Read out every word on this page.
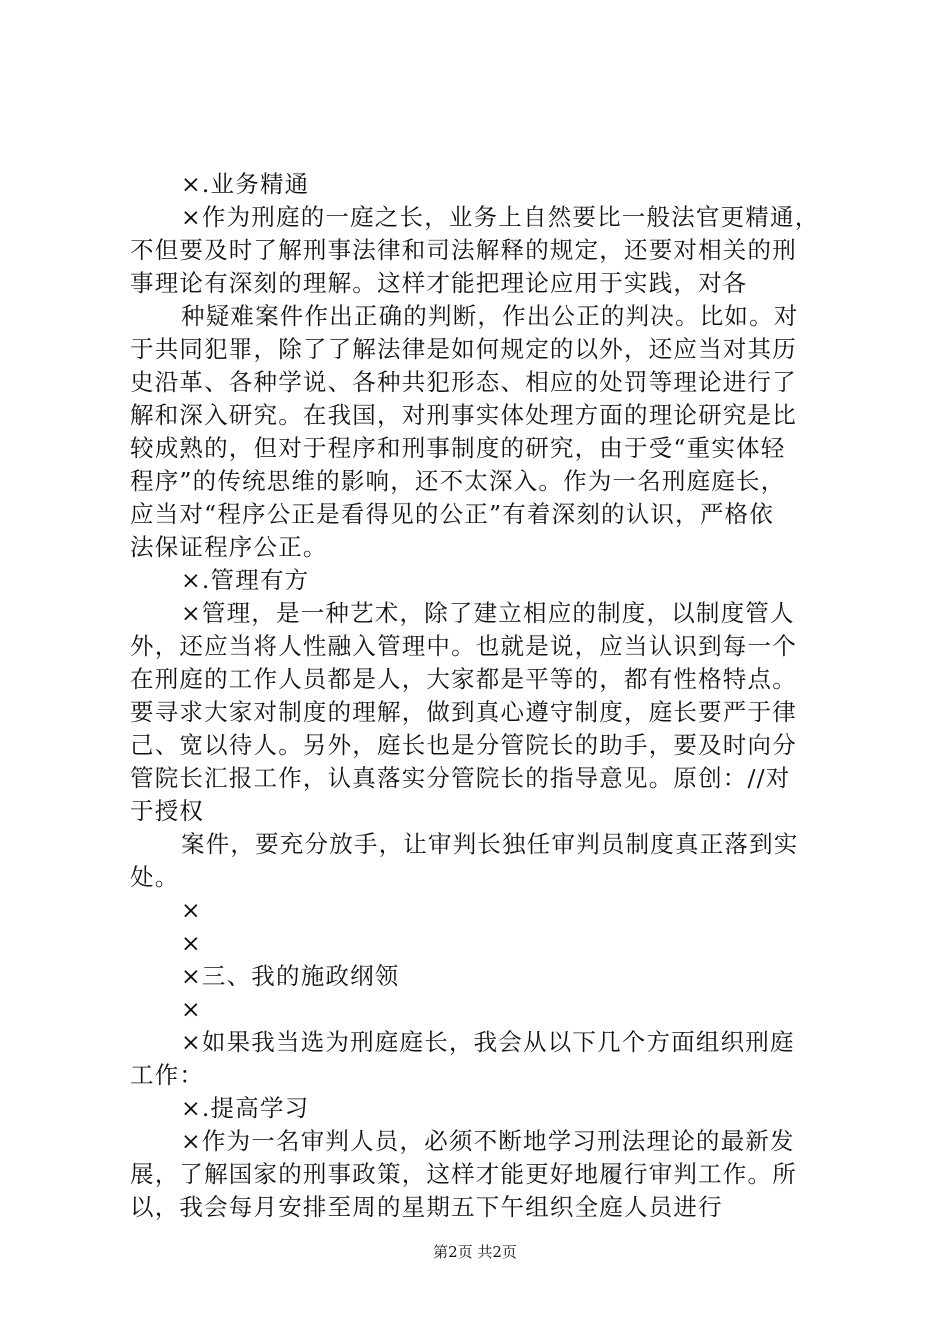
×.业务精通
×作为刑庭的一庭之长，业务上自然要比一般法官更精通，
不但要及时了解刑事法律和司法解释的规定，还要对相关的刑
事理论有深刻的理解。这样才能把理论应用于实践，对各
种疑难案件作出正确的判断，作出公正的判决。比如。对
于共同犯罪，除了了解法律是如何规定的以外，还应当对其历
史沿革、各种学说、各种共犯形态、相应的处罚等理论进行了
解和深入研究。在我国，对刑事实体处理方面的理论研究是比
较成熟的，但对于程序和刑事制度的研究，由于受“重实体轻
程序”的传统思维的影响，还不太深入。作为一名刑庭庭长，
应当对“程序公正是看得见的公正”有着深刻的认识，严格依
法保证程序公正。
×.管理有方
×管理，是一种艺术，除了建立相应的制度，以制度管人
外，还应当将人性融入管理中。也就是说，应当认识到每一个
在刑庭的工作人员都是人，大家都是平等的，都有性格特点。
要寻求大家对制度的理解，做到真心遵守制度，庭长要严于律
己、宽以待人。另外，庭长也是分管院长的助手，要及时向分
管院长汇报工作，认真落实分管院长的指导意见。原创：//对
于授权
案件，要充分放手，让审判长独任审判员制度真正落到实
处。
×
×
×三、我的施政纲领
×
×如果我当选为刑庭庭长，我会从以下几个方面组织刑庭
工作：
×.提高学习
×作为一名审判人员，必须不断地学习刑法理论的最新发
展，了解国家的刑事政策，这样才能更好地履行审判工作。所
以，我会每月安排至周的星期五下午组织全庭人员进行
第2页 共2页
